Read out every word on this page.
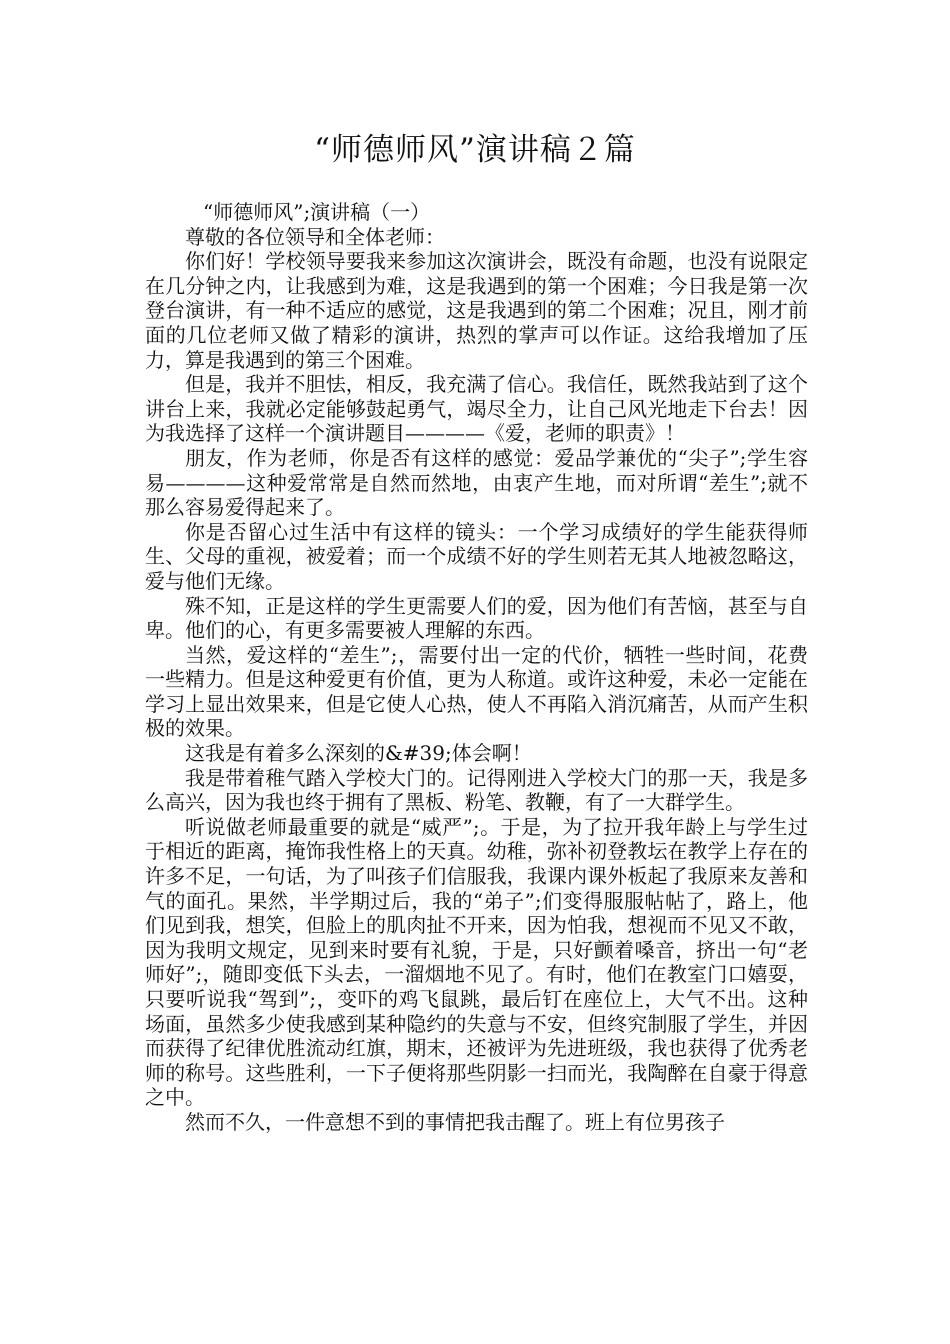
“师德师风”演讲稿２篇

“师德师风”;演讲稿（一）

尊敬的各位领导和全体老师：

你们好！学校领导要我来参加这次演讲会，既没有命题，也没有说限定在几分钟之内，让我感到为难，这是我遇到的第一个困难；今日我是第一次登台演讲，有一种不适应的感觉，这是我遇到的第二个困难；况且，刚才前面的几位老师又做了精彩的演讲，热烈的掌声可以作证。这给我增加了压力，算是我遇到的第三个困难。

但是，我并不胆怯，相反，我充满了信心。我信任，既然我站到了这个讲台上来，我就必定能够鼓起勇气，竭尽全力，让自己风光地走下台去！因为我选择了这样一个演讲题目————《爱，老师的职责》！

朋友，作为老师，你是否有这样的感觉：爱品学兼优的“尖子”;学生容易————这种爱常常是自然而然地，由衷产生地，而对所谓“差生”;就不那么容易爱得起来了。

你是否留心过生活中有这样的镜头：一个学习成绩好的学生能获得师生、父母的重视，被爱着；而一个成绩不好的学生则若无其人地被忽略这，爱与他们无缘。

殊不知，正是这样的学生更需要人们的爱，因为他们有苦恼，甚至与自卑。他们的心，有更多需要被人理解的东西。

当然，爱这样的“差生”;，需要付出一定的代价，牺牲一些时间，花费一些精力。但是这种爱更有价值，更为人称道。或许这种爱，未必一定能在学习上显出效果来，但是它使人心热，使人不再陷入消沉痛苦，从而产生积极的效果。

这我是有着多么深刻的&#39;体会啊！

我是带着稚气踏入学校大门的。记得刚进入学校大门的那一天，我是多么高兴，因为我也终于拥有了黑板、粉笔、教鞭，有了一大群学生。

听说做老师最重要的就是“威严”;。于是，为了拉开我年龄上与学生过于相近的距离，掩饰我性格上的天真。幼稚，弥补初登教坛在教学上存在的许多不足，一句话，为了叫孩子们信服我，我课内课外板起了我原来友善和气的面孔。果然，半学期过后，我的“弟子”;们变得服服帖帖了，路上，他们见到我，想笑，但脸上的肌肉扯不开来，因为怕我，想视而不见又不敢，因为我明文规定，见到来时要有礼貌，于是，只好颤着嗓音，挤出一句“老师好”;，随即变低下头去，一溜烟地不见了。有时，他们在教室门口嬉耍，只要听说我“驾到”;，变吓的鸡飞鼠跳，最后钉在座位上，大气不出。这种场面，虽然多少使我感到某种隐约的失意与不安，但终究制服了学生，并因而获得了纪律优胜流动红旗，期末，还被评为先进班级，我也获得了优秀老师的称号。这些胜利，一下子便将那些阴影一扫而光，我陶醉在自豪于得意之中。

然而不久，一件意想不到的事情把我击醒了。班上有位男孩子
